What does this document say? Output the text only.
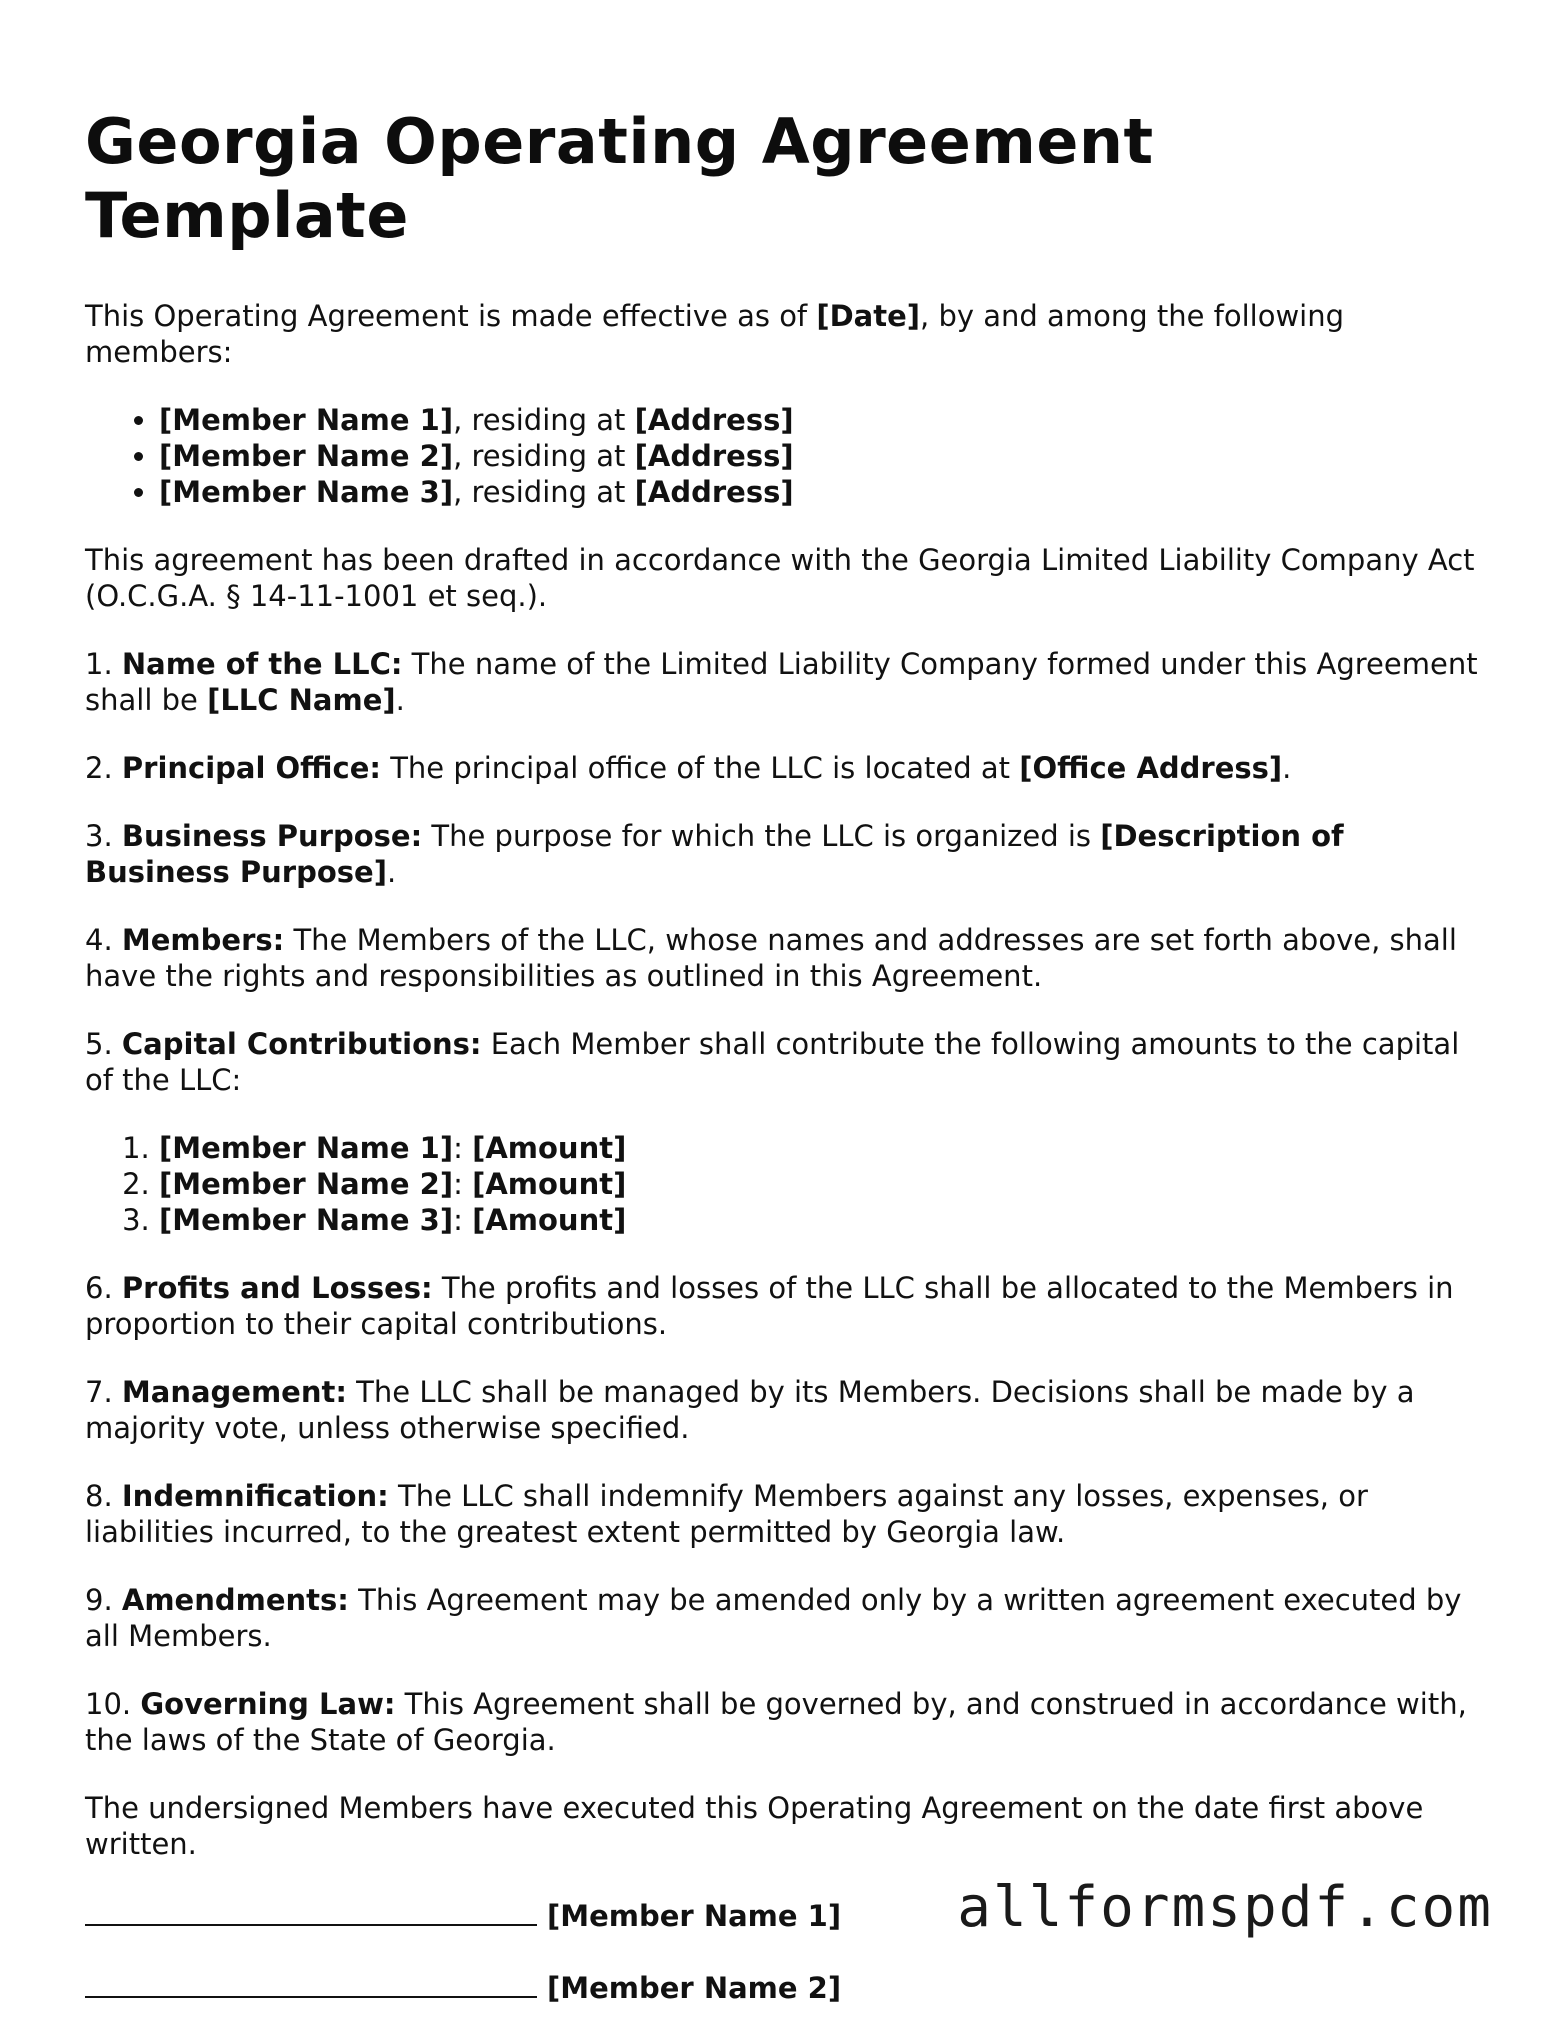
Georgia Operating Agreement Template

This Operating Agreement is made effective as of [Date], by and among the following members:

• [Member Name 1], residing at [Address]
• [Member Name 2], residing at [Address]
• [Member Name 3], residing at [Address]

This agreement has been drafted in accordance with the Georgia Limited Liability Company Act (O.C.G.A. § 14-11-1001 et seq.).

1. Name of the LLC: The name of the Limited Liability Company formed under this Agreement shall be [LLC Name].

2. Principal Office: The principal office of the LLC is located at [Office Address].

3. Business Purpose: The purpose for which the LLC is organized is [Description of Business Purpose].

4. Members: The Members of the LLC, whose names and addresses are set forth above, shall have the rights and responsibilities as outlined in this Agreement.

5. Capital Contributions: Each Member shall contribute the following amounts to the capital of the LLC:

1. [Member Name 1]: [Amount]
2. [Member Name 2]: [Amount]
3. [Member Name 3]: [Amount]

6. Profits and Losses: The profits and losses of the LLC shall be allocated to the Members in proportion to their capital contributions.

7. Management: The LLC shall be managed by its Members. Decisions shall be made by a majority vote, unless otherwise specified.

8. Indemnification: The LLC shall indemnify Members against any losses, expenses, or liabilities incurred, to the greatest extent permitted by Georgia law.

9. Amendments: This Agreement may be amended only by a written agreement executed by all Members.

10. Governing Law: This Agreement shall be governed by, and construed in accordance with, the laws of the State of Georgia.

The undersigned Members have executed this Operating Agreement on the date first above written.

[Member Name 1]
[Member Name 2]
allformspdf.com
